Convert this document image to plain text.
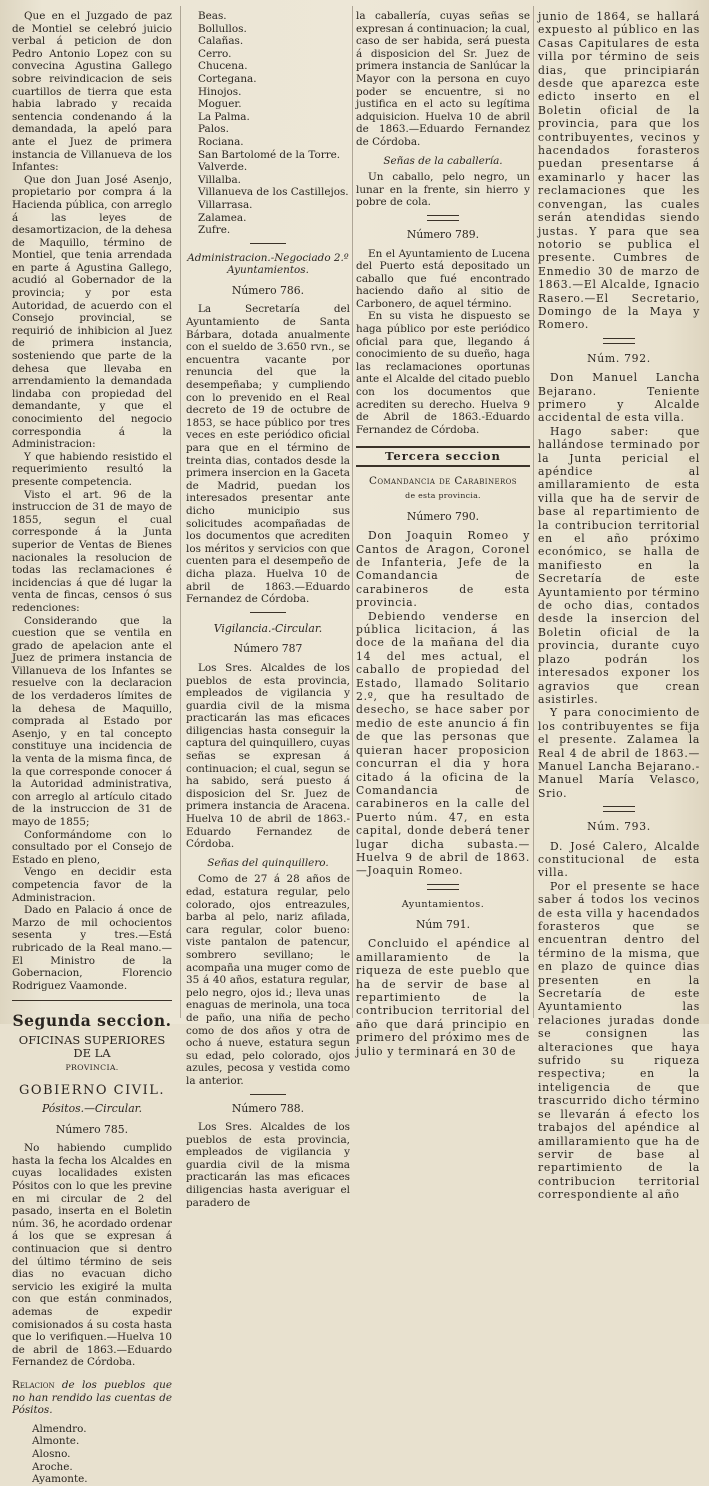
Que en el Juzgado de paz de Montiel se celebró juicio verbal á peticion de don Pedro Antonio Lopez con su convecina Agustina Gallego sobre reivindicacion de seis cuartillos de tierra que esta habia labrado y recaida sentencia condenando á la demandada, la apeló para ante el Juez de primera instancia de Villanueva de los Infantes:

Que don Juan José Asenjo, propietario por compra á la Hacienda pública, con arreglo á las leyes de desamortizacion, de la dehesa de Maquillo, término de Montiel, que tenia arrendada en parte á Agustina Gallego, acudió al Gobernador de la provincia; y por esta Autoridad, de acuerdo con el Consejo provincial, se requirió de inhibicion al Juez de primera instancia, sosteniendo que parte de la dehesa que llevaba en arrendamiento la demandada lindaba con propiedad del demandante, y que el conocimiento del negocio correspondia á la Administracion:

Y que habiendo resistido el requerimiento resultó la presente competencia.

Visto el art. 96 de la instruccion de 31 de mayo de 1855, segun el cual corresponde á la Junta superior de Ventas de Bienes nacionales la resolucion de todas las reclamaciones é incidencias á que dé lugar la venta de fincas, censos ó sus redenciones:

Considerando que la cuestion que se ventila en grado de apelacion ante el Juez de primera instancia de Villanueva de los Infantes se resuelve con la declaracion de los verdaderos límites de la dehesa de Maquillo, comprada al Estado por Asenjo, y en tal concepto constituye una incidencia de la venta de la misma finca, de la que corresponde conocer á la Autoridad administrativa, con arreglo al artículo citado de la instruccion de 31 de mayo de 1855;

Conformándome con lo consultado por el Consejo de Estado en pleno,

Vengo en decidir esta competencia favor de la Administracion.

Dado en Palacio á once de Marzo de mil ochocientos sesenta y tres.—Está rubricado de la Real mano.—El Ministro de la Gobernacion, Florencio Rodriguez Vaamonde.

Segunda seccion.
OFICINAS SUPERIORES DE LA
PROVINCIA.
GOBIERNO CIVIL.
Pósitos.—Circular.
Número 785.

No habiendo cumplido hasta la fecha los Alcaldes en cuyas localidades existen Pósitos con lo que les previne en mi circular de 2 del pasado, inserta en el Boletin núm. 36, he acordado ordenar á los que se expresan á continuacion que si dentro del último término de seis dias no evacuan dicho servicio les exigiré la multa con que están conminados, ademas de expedir comisionados á su costa hasta que lo verifiquen.—Huelva 10 de abril de 1863.—Eduardo Fernandez de Córdoba.

Relacion de los pueblos que no han rendido las cuentas de Pósitos.
Almendro.
Almonte.
Alosno.
Aroche.
Ayamonte.
Beas.
Bollullos.
Calañas.
Cerro.
Chucena.
Cortegana.
Hinojos.
Moguer.
La Palma.
Palos.
Rociana.
San Bartolomé de la Torre.
Valverde.
Villalba.
Villanueva de los Castillejos.
Villarrasa.
Zalamea.
Zufre.
Administracion.-Negociado 2.º
Ayuntamientos.
Número 786.

La Secretaría del Ayuntamiento de Santa Bárbara, dotada anualmente con el sueldo de 3.650 rvn., se encuentra vacante por renuncia del que la desempeñaba; y cumpliendo con lo prevenido en el Real decreto de 19 de octubre de 1853, se hace público por tres veces en este periódico oficial para que en el término de treinta dias, contados desde la primera insercion en la Gaceta de Madrid, puedan los interesados presentar ante dicho municipio sus solicitudes acompañadas de los documentos que acrediten los méritos y servicios con que cuenten para el desempeño de dicha plaza. Huelva 10 de abril de 1863.—Eduardo Fernandez de Córdoba.

Vigilancia.-Circular.
Número 787

Los Sres. Alcaldes de los pueblos de esta provincia, empleados de vigilancia y guardia civil de la misma practicarán las mas eficaces diligencias hasta conseguir la captura del quinquillero, cuyas señas se expresan á continuacion; el cual, segun se ha sabido, será puesto á disposicion del Sr. Juez de primera instancia de Aracena. Huelva 10 de abril de 1863.-Eduardo Fernandez de Córdoba.

Señas del quinquillero.

Como de 27 á 28 años de edad, estatura regular, pelo colorado, ojos entreazules, barba al pelo, nariz afilada, cara regular, color bueno: viste pantalon de patencur, sombrero sevillano; le acompaña una muger como de 35 á 40 años, estatura regular, pelo negro, ojos id.; lleva unas enaguas de merinola, una toca de paño, una niña de pecho como de dos años y otra de ocho á nueve, estatura segun su edad, pelo colorado, ojos azules, pecosa y vestida como la anterior.

Número 788.

Los Sres. Alcaldes de los pueblos de esta provincia, empleados de vigilancia y guardia civil de la misma practicarán las mas eficaces diligencias hasta averiguar el paradero de

la caballería, cuyas señas se expresan á continuacion; la cual, caso de ser habida, será puesta á disposicion del Sr. Juez de primera instancia de Sanlúcar la Mayor con la persona en cuyo poder se encuentre, si no justifica en el acto su legítima adquisicion. Huelva 10 de abril de 1863.—Eduardo Fernandez de Córdoba.

Señas de la caballería.

Un caballo, pelo negro, un lunar en la frente, sin hierro y pobre de cola.

Número 789.

En el Ayuntamiento de Lucena del Puerto está depositado un caballo que fué encontrado haciendo daño al sitio de Carbonero, de aquel término.

En su vista he dispuesto se haga público por este periódico oficial para que, llegando á conocimiento de su dueño, haga las reclamaciones oportunas ante el Alcalde del citado pueblo con los documentos que acrediten su derecho. Huelva 9 de Abril de 1863.-Eduardo Fernandez de Córdoba.

Tercera seccion
Comandancia de Carabineros
de esta provincia.
Número 790.

Don Joaquin Romeo y Cantos de Aragon, Coronel de Infanteria, Jefe de la Comandancia de carabineros de esta provincia.

Debiendo venderse en pública licitacion, á las doce de la mañana del dia 14 del mes actual, el caballo de propiedad del Estado, llamado Solitario 2.º, que ha resultado de desecho, se hace saber por medio de este anuncio á fin de que las personas que quieran hacer proposicion concurran el dia y hora citado á la oficina de la Comandancia de carabineros en la calle del Puerto núm. 47, en esta capital, donde deberá tener lugar dicha subasta.—Huelva 9 de abril de 1863.—Joaquin Romeo.

Ayuntamientos.
Núm 791.

Concluido el apéndice al amillaramiento de la riqueza de este pueblo que ha de servir de base al repartimiento de la contribucion territorial del año que dará principio en primero del próximo mes de julio y terminará en 30 de

junio de 1864, se hallará expuesto al público en las Casas Capitulares de esta villa por término de seis dias, que principiarán desde que aparezca este edicto inserto en el Boletin oficial de la provincia, para que los contribuyentes, vecinos y hacendados forasteros puedan presentarse á examinarlo y hacer las reclamaciones que les convengan, las cuales serán atendidas siendo justas. Y para que sea notorio se publica el presente. Cumbres de Enmedio 30 de marzo de 1863.—El Alcalde, Ignacio Rasero.—El Secretario, Domingo de la Maya y Romero.

Núm. 792.

Don Manuel Lancha Bejarano. Teniente primero y Alcalde accidental de esta villa.

Hago saber: que hallándose terminado por la Junta pericial el apéndice al amillaramiento de esta villa que ha de servir de base al repartimiento de la contribucion territorial en el año próximo económico, se halla de manifiesto en la Secretaría de este Ayuntamiento por término de ocho dias, contados desde la insercion del Boletin oficial de la provincia, durante cuyo plazo podrán los interesados exponer los agravios que crean asistirles.

Y para conocimiento de los contribuyentes se fija el presente. Zalamea la Real 4 de abril de 1863.—Manuel Lancha Bejarano.-Manuel María Velasco, Srio.

Núm. 793.

D. José Calero, Alcalde constitucional de esta villa.

Por el presente se hace saber á todos los vecinos de esta villa y hacendados forasteros que se encuentran dentro del término de la misma, que en plazo de quince dias presenten en la Secretaría de este Ayuntamiento las relaciones juradas donde se consignen las alteraciones que haya sufrido su riqueza respectiva; en la inteligencia de que trascurrido dicho término se llevarán á efecto los trabajos del apéndice al amillaramiento que ha de servir de base al repartimiento de la contribucion territorial correspondiente al año
